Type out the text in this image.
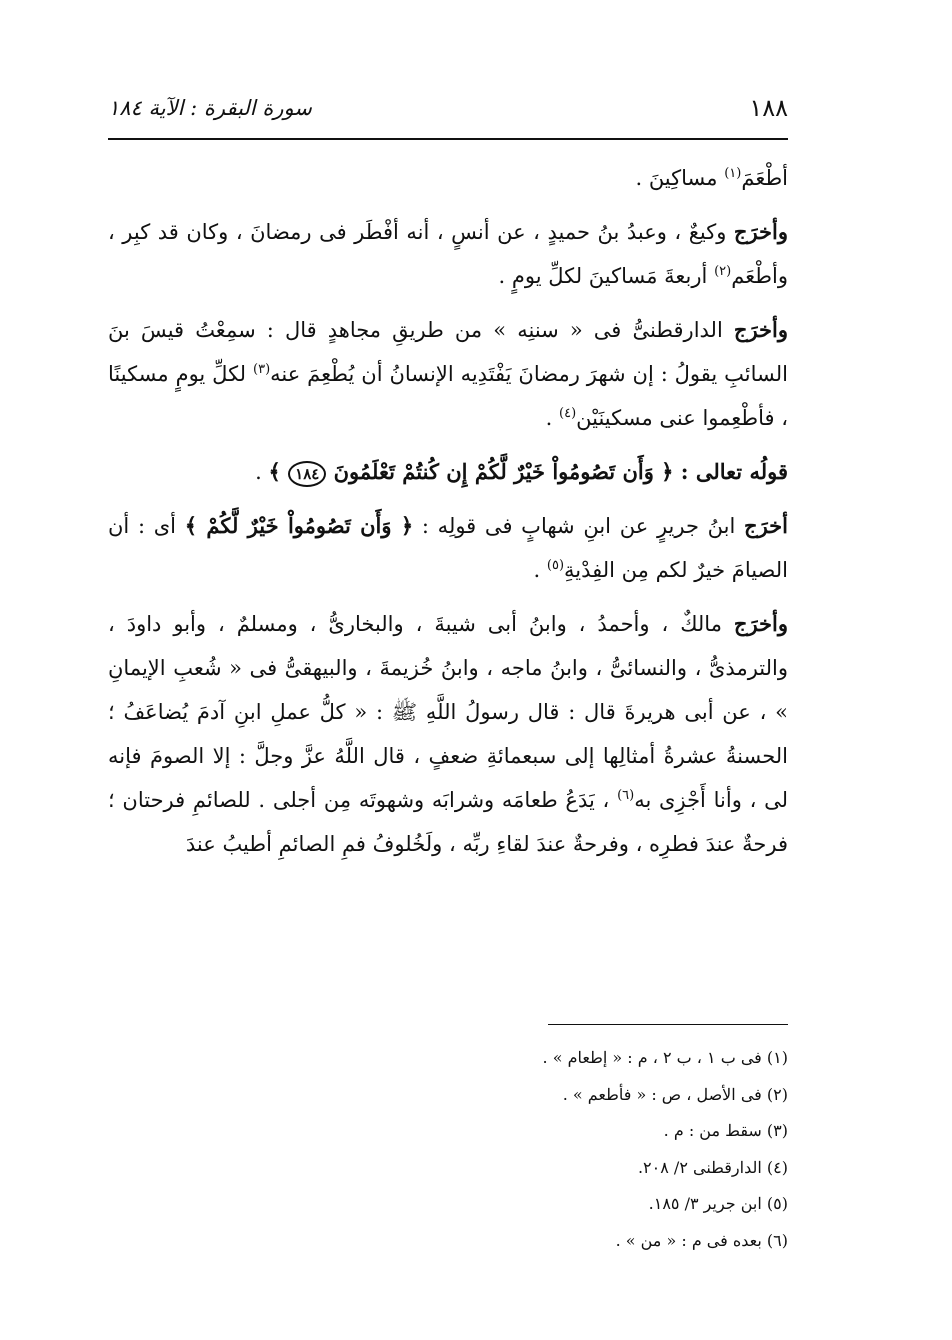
١٨٨
سورة البقرة : الآية ١٨٤

أطْعَمَ$^{(١)}$ مساكِينَ .

وأخرَج وكيعٌ ، وعبدُ بنُ حميدٍ ، عن أنسٍ ، أنه أفْطَر فى رمضانَ ، وكان قد كبِر ، وأطْعَم$^{(٢)}$ أربعةَ مَساكينَ لكلِّ يومٍ .

وأخرَج الدارقطنىُّ فى « سننِه » من طريقِ مجاهدٍ قال : سمِعْتُ قيسَ بنَ السائبِ يقولُ : إن شهرَ رمضانَ يَفْتَدِيه الإنسانُ أن يُطْعِمَ عنه$^{(٣)}$ لكلِّ يومٍ مسكينًا ، فأطْعِموا عنى مسكينَيْن$^{(٤)}$ .

قولُه تعالى : ﴿ وَأَن تَصُومُواْ خَيْرٌ لَّكُمْ إِن كُنتُمْ تَعْلَمُونَ ١٨٤ ﴾ .

أخرَج ابنُ جريرٍ عن ابنِ شهابٍ فى قولِه : ﴿ وَأَن تَصُومُواْ خَيْرٌ لَّكُمْ ﴾ أى : أن الصيامَ خيرٌ لكم مِن الفِدْيةِ$^{(٥)}$ .

وأخرَج مالكٌ ، وأحمدُ ، وابنُ أبى شيبةَ ، والبخارىُّ ، ومسلمٌ ، وأبو داودَ ، والترمذىُّ ، والنسائىُّ ، وابنُ ماجه ، وابنُ خُزيمةَ ، والبيهقىُّ فى « شُعبِ الإيمانِ » ، عن أبى هريرةَ قال : قال رسولُ اللَّهِ ﷺ : « كلُّ عملِ ابنِ آدمَ يُضاعَفُ ؛ الحسنةُ عشرةُ أمثالِها إلى سبعمائةِ ضعفٍ ، قال اللَّهُ عزَّ وجلَّ : إلا الصومَ فإنه لى ، وأنا أَجْزِى به$^{(٦)}$ ، يَدَعُ طعامَه وشرابَه وشهوتَه مِن أجلى . للصائمِ فرحتان ؛ فرحةٌ عندَ فطرِه ، وفرحةٌ عندَ لقاءِ ربِّه ، ولَخُلوفُ فمِ الصائمِ أطيبُ عندَ

(١) فى ب ١ ، ب ٢ ، م : « إطعام » .

(٢) فى الأصل ، ص : « فأطعم » .

(٣) سقط من : م .

(٤) الدارقطنى ٢/ ٢٠٨.

(٥) ابن جرير ٣/ ١٨٥.

(٦) بعده فى م : « من » .
